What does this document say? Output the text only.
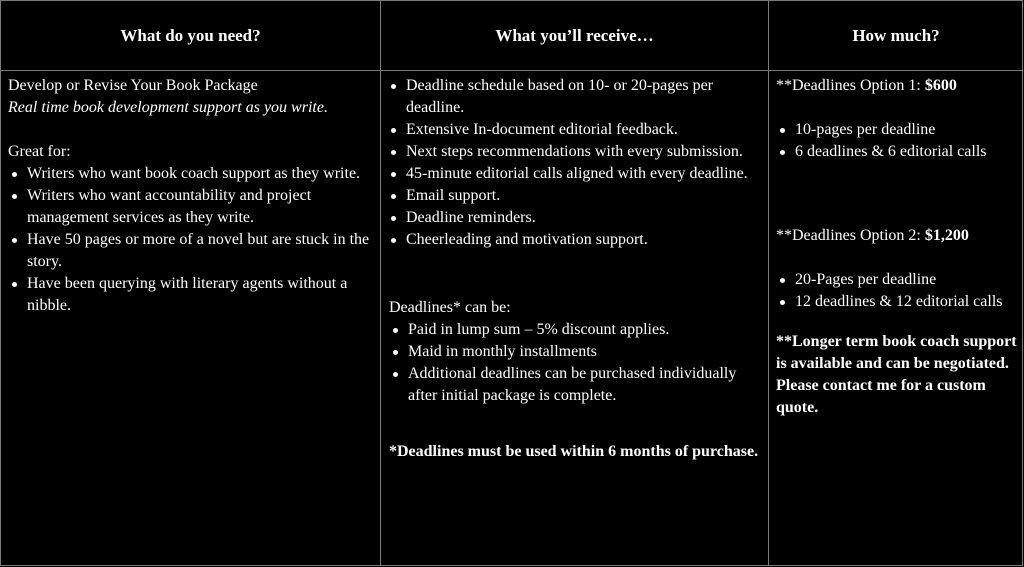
What do you need?	What you’ll receive…	How much?

Develop or Revise Your Book Package

Real time book development support as you write.

Great for:

Writers who want book coach support as they write.
Writers who want accountability and project management services as they write.
Have 50 pages or more of a novel but are stuck in the story.
Have been querying with literary agents without a nibble.
Deadline schedule based on 10- or 20-pages per deadline.
Extensive In-document editorial feedback.
Next steps recommendations with every submission.
45-minute editorial calls aligned with every deadline.
Email support.
Deadline reminders.
Cheerleading and motivation support.

Deadlines* can be:

Paid in lump sum – 5% discount applies.
Maid in monthly installments
Additional deadlines can be purchased individually after initial package is complete.

*Deadlines must be used within 6 months of purchase.

**Deadlines Option 1: $600

10-pages per deadline
6 deadlines & 6 editorial calls

**Deadlines Option 2: $1,200

20-Pages per deadline
12 deadlines & 12 editorial calls

**Longer term book coach support is available and can be negotiated. Please contact me for a custom quote.
